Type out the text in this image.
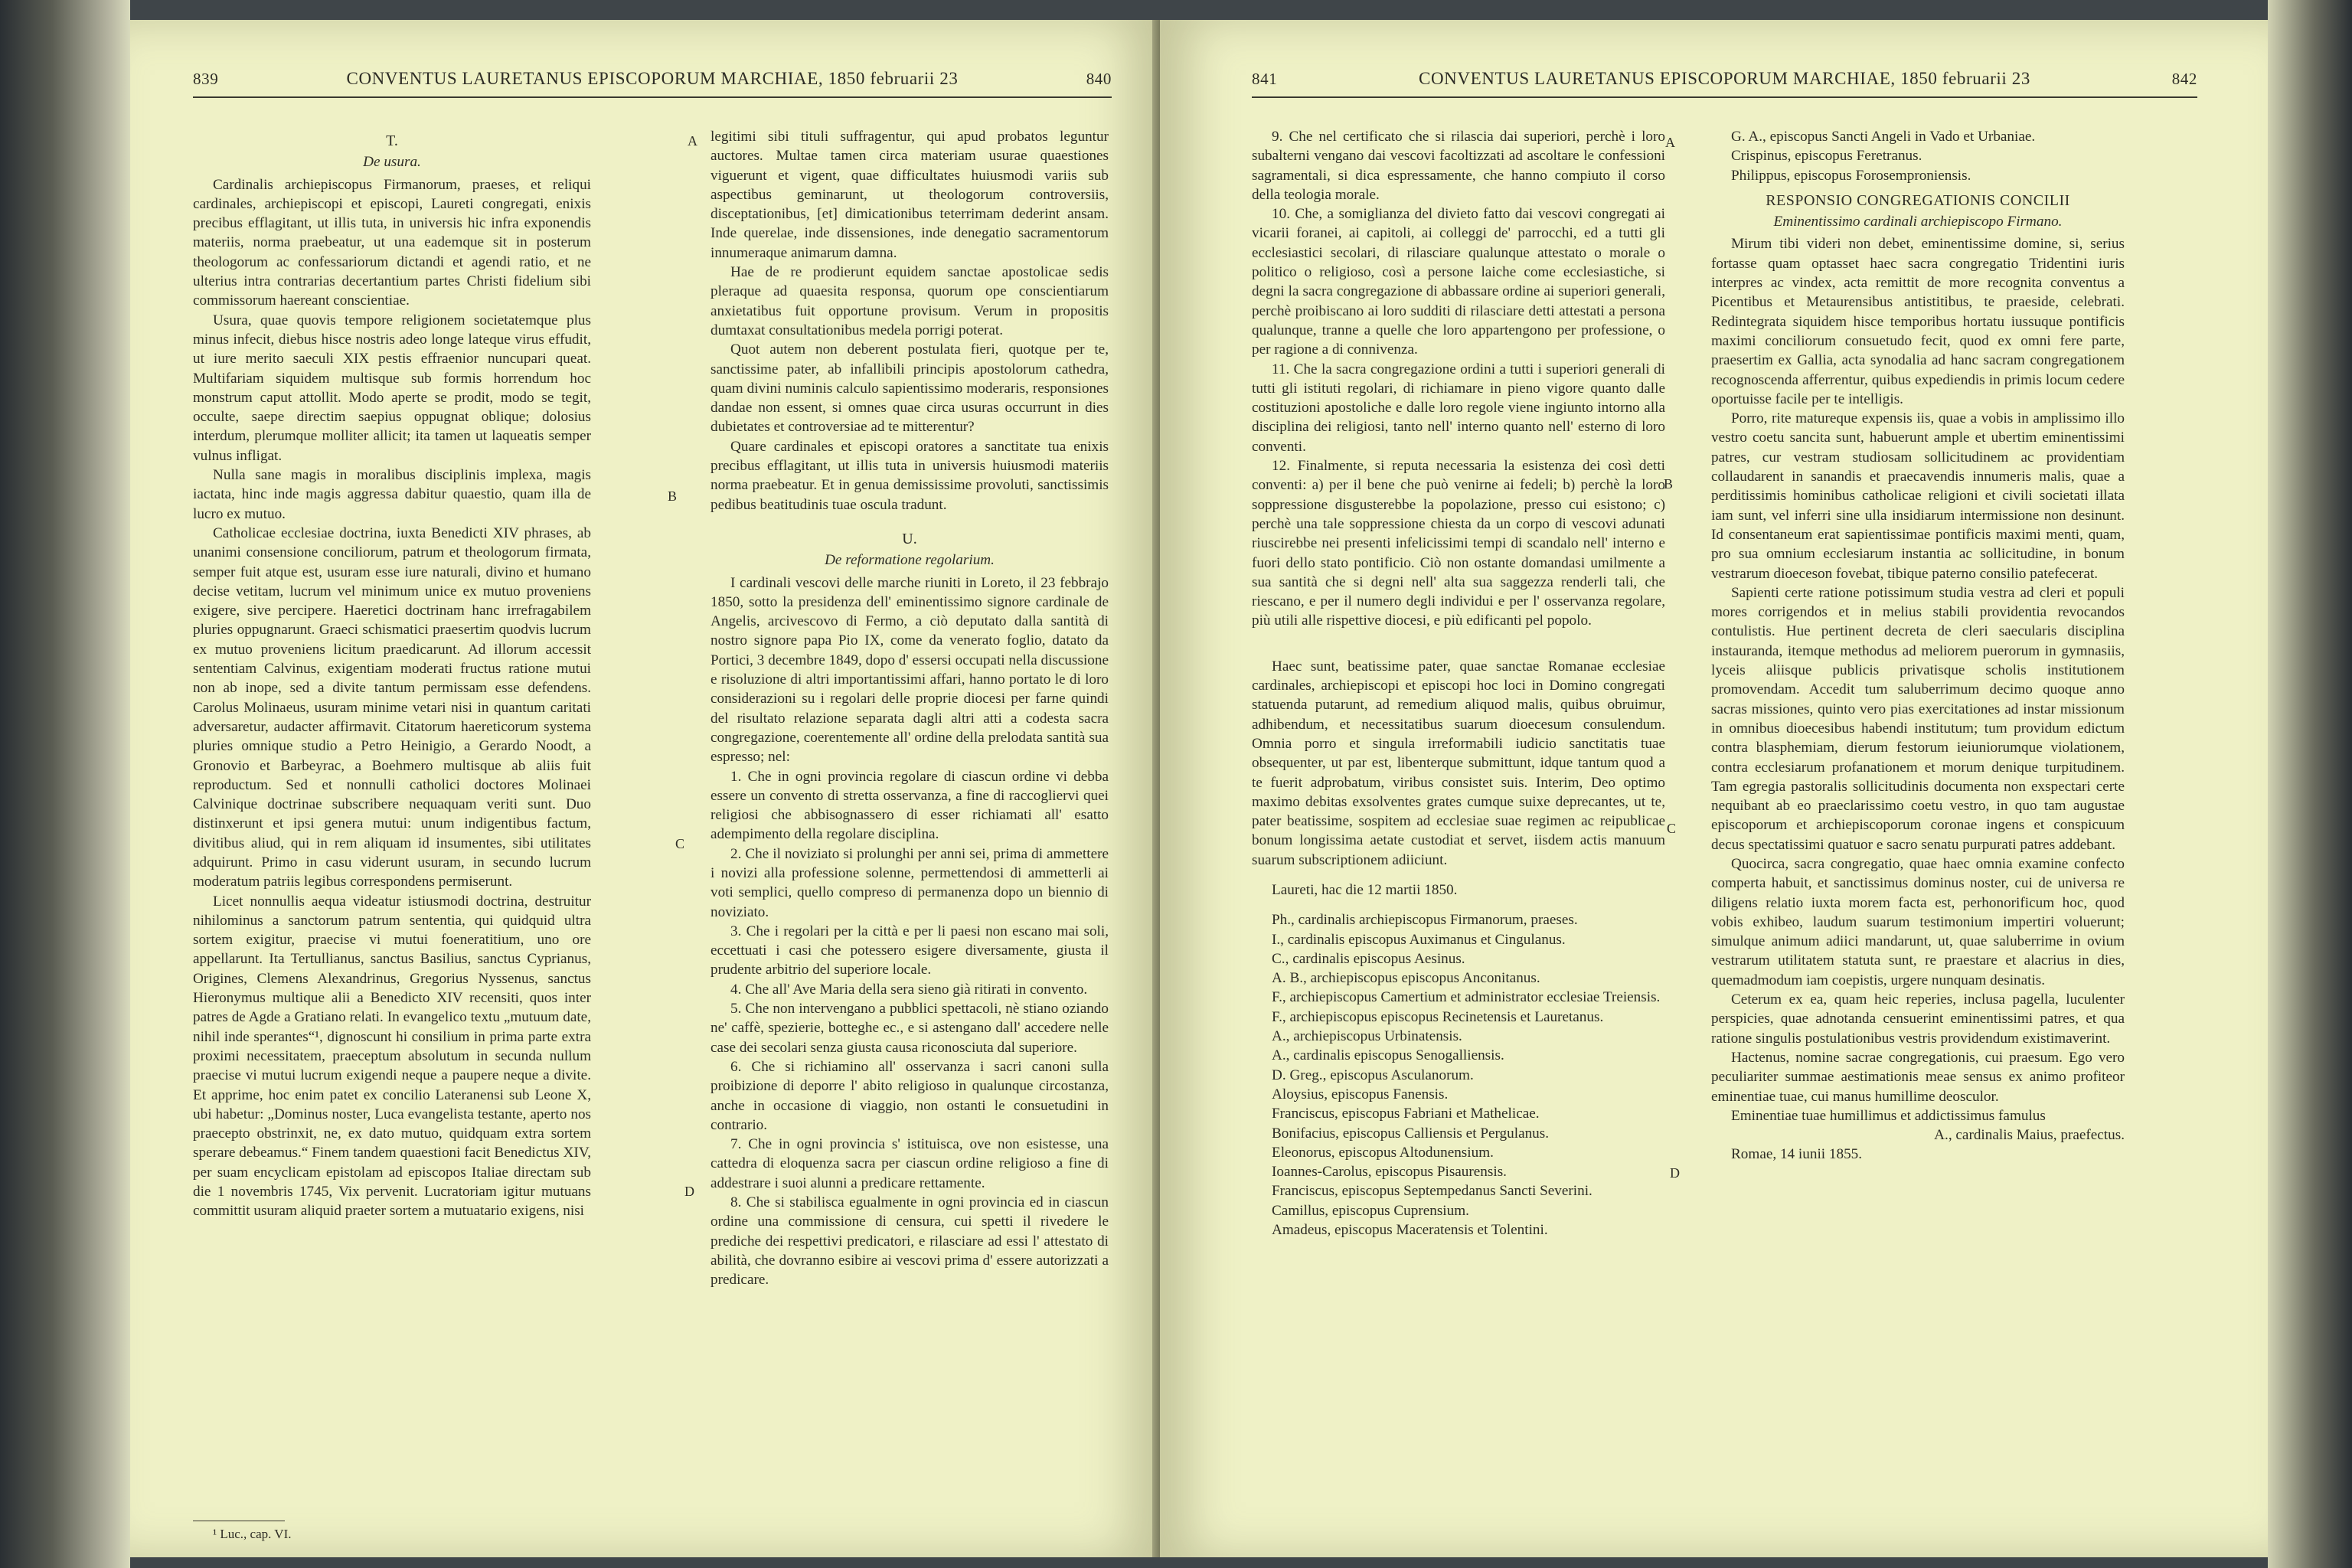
839	CONVENTUS LAURETANUS EPISCOPORUM MARCHIAE, 1850 februarii 23	840

T.

De usura.

Cardinalis archiepiscopus Firmanorum, praeses, et reliqui cardinales, archiepiscopi et episcopi, Laureti congregati, enixis precibus efflagitant, ut illis tuta, in universis hic infra exponendis materiis, norma praebeatur, ut una eademque sit in posterum theologorum ac confessariorum dictandi et agendi ratio, et ne ulterius intra contrarias decertantium partes Christi fidelium sibi commissorum haereant conscientiae.

Usura, quae quovis tempore religionem societatemque plus minus infecit, diebus hisce nostris adeo longe lateque virus effudit, ut iure merito saeculi XIX pestis effraenior nuncupari queat. Multifariam siquidem multisque sub formis horrendum hoc monstrum caput attollit. Modo aperte se prodit, modo se tegit, occulte, saepe directim saepius oppugnat oblique; dolosius interdum, plerumque molliter allicit; ita tamen ut laqueatis semper vulnus infligat.

Nulla sane magis in moralibus disciplinis implexa, magis iactata, hinc inde magis aggressa dabitur quaestio, quam illa de lucro ex mutuo.

Catholicae ecclesiae doctrina, iuxta Benedicti XIV phrases, ab unanimi consensione conciliorum, patrum et theologorum firmata, semper fuit atque est, usuram esse iure naturali, divino et humano decise vetitam, lucrum vel minimum unice ex mutuo proveniens exigere, sive percipere. Haeretici doctrinam hanc irrefragabilem pluries oppugnarunt. Graeci schismatici praesertim quodvis lucrum ex mutuo proveniens licitum praedicarunt. Ad illorum accessit sententiam Calvinus, exigentiam moderati fructus ratione mutui non ab inope, sed a divite tantum permissam esse defendens. Carolus Molinaeus, usuram minime vetari nisi in quantum caritati adversaretur, audacter affirmavit. Citatorum haereticorum systema pluries omnique studio a Petro Heinigio, a Gerardo Noodt, a Gronovio et Barbeyrac, a Boehmero multisque ab aliis fuit reproductum. Sed et nonnulli catholici doctores Molinaei Calvinique doctrinae subscribere nequaquam veriti sunt. Duo distinxerunt et ipsi genera mutui: unum indigentibus factum, divitibus aliud, qui in rem aliquam id insumentes, sibi utilitates adquirunt. Primo in casu viderunt usuram, in secundo lucrum moderatum patriis legibus correspondens permiserunt.

Licet nonnullis aequa videatur istiusmodi doctrina, destruitur nihilominus a sanctorum patrum sententia, qui quidquid ultra sortem exigitur, praecise vi mutui foeneratitium, uno ore appellarunt. Ita Tertullianus, sanctus Basilius, sanctus Cyprianus, Origines, Clemens Alexandrinus, Gregorius Nyssenus, sanctus Hieronymus multique alii a Benedicto XIV recensiti, quos inter patres de Agde a Gratiano relati. In evangelico textu „mutuum date, nihil inde sperantes“¹, dignoscunt hi consilium in prima parte extra proximi necessitatem, praeceptum absolutum in secunda nullum praecise vi mutui lucrum exigendi neque a paupere neque a divite. Et apprime, hoc enim patet ex concilio Lateranensi sub Leone X, ubi habetur: „Dominus noster, Luca evangelista testante, aperto nos praecepto obstrinxit, ne, ex dato mutuo, quidquam extra sortem sperare debeamus.“ Finem tandem quaestioni facit Benedictus XIV, per suam encyclicam epistolam ad episcopos Italiae directam sub die 1 novembris 1745, Vix pervenit. Lucratoriam igitur mutuans committit usuram aliquid praeter sortem a mutuatario exigens, nisi

¹ Luc., cap. VI.

legitimi sibi tituli suffragentur, qui apud probatos leguntur auctores. Multae tamen circa materiam usurae quaestiones viguerunt et vigent, quae difficultates huiusmodi variis sub aspectibus geminarunt, ut theologorum controversiis, disceptationibus, [et] dimicationibus teterrimam dederint ansam. Inde querelae, inde dissensiones, inde denegatio sacramentorum innumeraque animarum damna.

Hae de re prodierunt equidem sanctae apostolicae sedis pleraque ad quaesita responsa, quorum ope conscientiarum anxietatibus fuit opportune provisum. Verum in propositis dumtaxat consultationibus medela porrigi poterat.

Quot autem non deberent postulata fieri, quotque per te, sanctissime pater, ab infallibili principis apostolorum cathedra, quam divini numinis calculo sapientissimo moderaris, responsiones dandae non essent, si omnes quae circa usuras occurrunt in dies dubietates et controversiae ad te mitterentur?

Quare cardinales et episcopi oratores a sanctitate tua enixis precibus efflagitant, ut illis tuta in universis huiusmodi materiis norma praebeatur. Et in genua demississime provoluti, sanctissimis pedibus beatitudinis tuae oscula tradunt.

U.

De reformatione regolarium.

I cardinali vescovi delle marche riuniti in Loreto, il 23 febbrajo 1850, sotto la presidenza dell' eminentissimo signore cardinale de Angelis, arcivescovo di Fermo, a ciò deputato dalla santità di nostro signore papa Pio IX, come da venerato foglio, datato da Portici, 3 decembre 1849, dopo d' essersi occupati nella discussione e risoluzione di altri importantissimi affari, hanno portato le di loro considerazioni su i regolari delle proprie diocesi per farne quindi del risultato relazione separata dagli altri atti a codesta sacra congregazione, coerentemente all' ordine della prelodata santità sua espresso; nel:

1. Che in ogni provincia regolare di ciascun ordine vi debba essere un convento di stretta osservanza, a fine di raccogliervi quei religiosi che abbisognassero di esser richiamati all' esatto adempimento della regolare disciplina.

2. Che il noviziato si prolunghi per anni sei, prima di ammettere i novizi alla professione solenne, permettendosi di ammetterli ai voti semplici, quello compreso di permanenza dopo un biennio di noviziato.

3. Che i regolari per la città e per li paesi non escano mai soli, eccettuati i casi che potessero esigere diversamente, giusta il prudente arbitrio del superiore locale.

4. Che all' Ave Maria della sera sieno già ritirati in convento.

5. Che non intervengano a pubblici spettacoli, nè stiano oziando ne' caffè, spezierie, botteghe ec., e si astengano dall' accedere nelle case dei secolari senza giusta causa riconosciuta dal superiore.

6. Che si richiamino all' osservanza i sacri canoni sulla proibizione di deporre l' abito religioso in qualunque circostanza, anche in occasione di viaggio, non ostanti le consuetudini in contrario.

7. Che in ogni provincia s' istituisca, ove non esistesse, una cattedra di eloquenza sacra per ciascun ordine religioso a fine di addestrare i suoi alunni a predicare rettamente.

8. Che si stabilisca egualmente in ogni provincia ed in ciascun ordine una commissione di censura, cui spetti il rivedere le prediche dei respettivi predicatori, e rilasciare ad essi l' attestato di abilità, che dovranno esibire ai vescovi prima d' essere autorizzati a predicare.

A
B
C
D
841	CONVENTUS LAURETANUS EPISCOPORUM MARCHIAE, 1850 februarii 23	842

9. Che nel certificato che si rilascia dai superiori, perchè i loro subalterni vengano dai vescovi facoltizzati ad ascoltare le confessioni sagramentali, si dica espressamente, che hanno compiuto il corso della teologia morale.

10. Che, a somiglianza del divieto fatto dai vescovi congregati ai vicarii foranei, ai capitoli, ai colleggi de' parrocchi, ed a tutti gli ecclesiastici secolari, di rilasciare qualunque attestato o morale o politico o religioso, così a persone laiche come ecclesiastiche, si degni la sacra congregazione di abbassare ordine ai superiori generali, perchè proibiscano ai loro sudditi di rilasciare detti attestati a persona qualunque, tranne a quelle che loro appartengono per professione, o per ragione a di connivenza.

11. Che la sacra congregazione ordini a tutti i superiori generali di tutti gli istituti regolari, di richiamare in pieno vigore quanto dalle costituzioni apostoliche e dalle loro regole viene ingiunto intorno alla disciplina dei religiosi, tanto nell' interno quanto nell' esterno di loro conventi.

12. Finalmente, si reputa necessaria la esistenza dei così detti conventi: a) per il bene che può venirne ai fedeli; b) perchè la loro soppressione disgusterebbe la popolazione, presso cui esistono; c) perchè una tale soppressione chiesta da un corpo di vescovi adunati riuscirebbe nei presenti infelicissimi tempi di scandalo nell' interno e fuori dello stato pontificio. Ciò non ostante domandasi umilmente a sua santità che si degni nell' alta sua saggezza renderli tali, che riescano, e per il numero degli individui e per l' osservanza regolare, più utili alle rispettive diocesi, e più edificanti pel popolo.

Haec sunt, beatissime pater, quae sanctae Romanae ecclesiae cardinales, archiepiscopi et episcopi hoc loci in Domino congregati statuenda putarunt, ad remedium aliquod malis, quibus obruimur, adhibendum, et necessitatibus suarum dioecesum consulendum. Omnia porro et singula irreformabili iudicio sanctitatis tuae obsequenter, ut par est, libenterque submittunt, idque tantum quod a te fuerit adprobatum, viribus consistet suis. Interim, Deo optimo maximo debitas exsolventes grates cumque suixe deprecantes, ut te, pater beatissime, sospitem ad ecclesiae suae regimen ac reipublicae bonum longissima aetate custodiat et servet, iisdem actis manuum suarum subscriptionem adiiciunt.

Laureti, hac die 12 martii 1850.

Ph., cardinalis archiepiscopus Firmanorum, praeses.

I., cardinalis episcopus Auximanus et Cingulanus.

C., cardinalis episcopus Aesinus.

A. B., archiepiscopus episcopus Anconitanus.

F., archiepiscopus Camertium et administrator ecclesiae Treiensis.

F., archiepiscopus episcopus Recinetensis et Lauretanus.

A., archiepiscopus Urbinatensis.

A., cardinalis episcopus Senogalliensis.

D. Greg., episcopus Asculanorum.

Aloysius, episcopus Fanensis.

Franciscus, episcopus Fabriani et Mathelicae.

Bonifacius, episcopus Calliensis et Pergulanus.

Eleonorus, episcopus Altodunensium.

Ioannes-Carolus, episcopus Pisaurensis.

Franciscus, episcopus Septempedanus Sancti Severini.

Camillus, episcopus Cuprensium.

Amadeus, episcopus Maceratensis et Tolentini.

G. A., episcopus Sancti Angeli in Vado et Urbaniae.

Crispinus, episcopus Feretranus.

Philippus, episcopus Forosemproniensis.

RESPONSIO CONGREGATIONIS CONCILII

Eminentissimo cardinali archiepiscopo Firmano.

Mirum tibi videri non debet, eminentissime domine, si, serius fortasse quam optasset haec sacra congregatio Tridentini iuris interpres ac vindex, acta remittit de more recognita conventus a Picentibus et Metaurensibus antistitibus, te praeside, celebrati. Redintegrata siquidem hisce temporibus hortatu iussuque pontificis maximi conciliorum consuetudo fecit, quod ex omni fere parte, praesertim ex Gallia, acta synodalia ad hanc sacram congregationem recognoscenda afferrentur, quibus expediendis in primis locum cedere oportuisse facile per te intelligis.

Porro, rite matureque expensis iis, quae a vobis in amplissimo illo vestro coetu sancita sunt, habuerunt ample et ubertim eminentissimi patres, cur vestram studiosam sollicitudinem ac providentiam collaudarent in sanandis et praecavendis innumeris malis, quae a perditissimis hominibus catholicae religioni et civili societati illata iam sunt, vel inferri sine ulla insidiarum intermissione non desinunt. Id consentaneum erat sapientissimae pontificis maximi menti, quam, pro sua omnium ecclesiarum instantia ac sollicitudine, in bonum vestrarum dioeceson fovebat, tibique paterno consilio patefecerat.

Sapienti certe ratione potissimum studia vestra ad cleri et populi mores corrigendos et in melius stabili providentia revocandos contulistis. Hue pertinent decreta de cleri saecularis disciplina instaurandа, itemque methodus ad meliorem puerorum in gymnasiis, lyceis aliisque publicis privatisque scholis institutionem promovendam. Accedit tum saluberrimum decimo quoque anno sacras missiones, quinto vero pias exercitationes ad instar missionum in omnibus dioecesibus habendi institutum; tum providum edictum contra blasphemiam, dierum festorum ieiuniorumque violationem, contra ecclesiarum profanationem et morum denique turpitudinem. Tam egregia pastoralis sollicitudinis documenta non exspectari certe nequibant ab eo praeclarissimo coetu vestro, in quo tam augustae episcoporum et archiepiscoporum coronae ingens et conspicuum decus spectatissimi quatuor e sacro senatu purpurati patres addebant.

Quocirca, sacra congregatio, quae haec omnia examine confecto comperta habuit, et sanctissimus dominus noster, cui de universa re diligens relatio iuxta morem facta est, perhonorificum hoc, quod vobis exhibeo, laudum suarum testimonium impertiri voluerunt; simulque animum adiici mandarunt, ut, quae saluberrime in ovium vestrarum utilitatem statuta sunt, re praestare et alacrius in dies, quemadmodum iam coepistis, urgere nunquam desinatis.

Ceterum ex ea, quam heic reperies, inclusa pagella, luculenter perspicies, quae adnotanda censuerint eminentissimi patres, et qua ratione singulis postulationibus vestris providendum existimaverint.

Hactenus, nomine sacrae congregationis, cui praesum. Ego vero peculiariter summae aestimationis meae sensus ex animo profiteor eminentiae tuae, cui manus humillime deosculor.

Eminentiae tuae humillimus et addictissimus famulus

A., cardinalis Maius, praefectus.

Romae, 14 iunii 1855.

A
B
C
D
